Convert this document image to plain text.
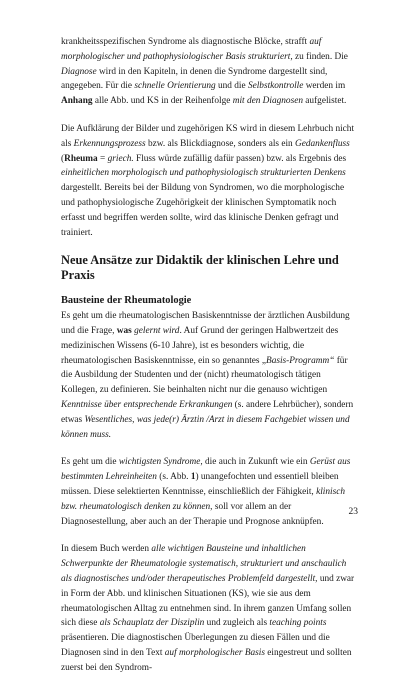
krankheitsspezifischen Syndrome als diagnostische Blöcke, strafft auf morphologischer und pathophysiologischer Basis strukturiert, zu finden. Die Diagnose wird in den Kapiteln, in denen die Syndrome dargestellt sind, angegeben. Für die schnelle Orientierung und die Selbstkontrolle werden im Anhang alle Abb. und KS in der Reihenfolge mit den Diagnosen aufgelistet.

Die Aufklärung der Bilder und zugehörigen KS wird in diesem Lehrbuch nicht als Erkennungsprozess bzw. als Blickdiagnose, sonders als ein Gedankenfluss (Rheuma = griech. Fluss würde zufällig dafür passen) bzw. als Ergebnis des einheitlichen morphologisch und pathophysiologisch strukturierten Denkens dargestellt. Bereits bei der Bildung von Syndromen, wo die morphologische und pathophysiologische Zugehörigkeit der klinischen Symptomatik noch erfasst und begriffen werden sollte, wird das klinische Denken gefragt und trainiert.

Neue Ansätze zur Didaktik der klinischen Lehre und Praxis
Bausteine der Rheumatologie

Es geht um die rheumatologischen Basiskenntnisse der ärztlichen Ausbildung und die Frage, was gelernt wird. Auf Grund der geringen Halbwertzeit des medizinischen Wissens (6-10 Jahre), ist es besonders wichtig, die rheumatologischen Basiskenntnisse, ein so genanntes „Basis-Programm“ für die Ausbildung der Studenten und der (nicht) rheumatologisch tätigen Kollegen, zu definieren. Sie beinhalten nicht nur die genauso wichtigen Kenntnisse über entsprechende Erkrankungen (s. andere Lehrbücher), sondern etwas Wesentliches, was jede(r) Ärztin /Arzt in diesem Fachgebiet wissen und können muss.

Es geht um die wichtigsten Syndrome, die auch in Zukunft wie ein Gerüst aus bestimmten Lehreinheiten (s. Abb. 1) unangefochten und essentiell bleiben müssen. Diese selektierten Kenntnisse, einschließlich der Fähigkeit, klinisch bzw. rheumatologisch denken zu können, soll vor allem an der Diagnosestellung, aber auch an der Therapie und Prognose anknüpfen.

In diesem Buch werden alle wichtigen Bausteine und inhaltlichen Schwerpunkte der Rheumatologie systematisch, strukturiert und anschaulich als diagnostisches und/oder therapeutisches Problemfeld dargestellt, und zwar in Form der Abb. und klinischen Situationen (KS), wie sie aus dem rheumatologischen Alltag zu entnehmen sind. In ihrem ganzen Umfang sollen sich diese als Schauplatz der Disziplin und zugleich als teaching points präsentieren. Die diagnostischen Überlegungen zu diesen Fällen und die Diagnosen sind in den Text auf morphologischer Basis eingestreut und sollten zuerst bei den Syndrom-

23
